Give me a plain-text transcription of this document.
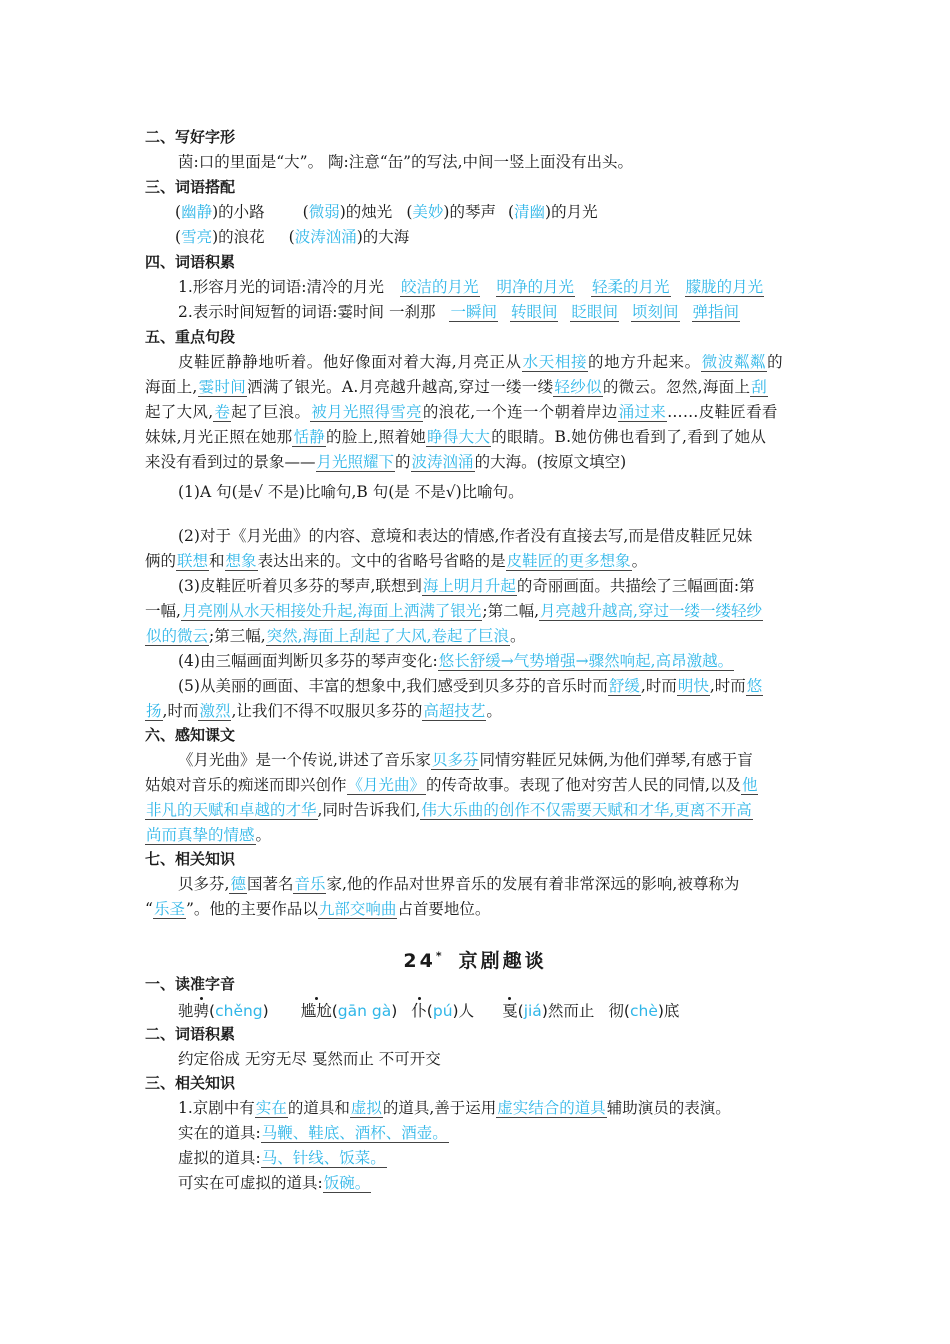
二、写好字形
茵:口的里面是“大”。 陶:注意“缶”的写法,中间一竖上面没有出头。
三、词语搭配
(幽静)的小路 (微弱)的烛光 (美妙)的琴声 (清幽)的月光
(雪亮)的浪花 (波涛汹涌)的大海
四、词语积累
1.形容月光的词语:清冷的月光 皎洁的月光 明净的月光 轻柔的月光 朦胧的月光
2.表示时间短暂的词语:霎时间 一刹那 一瞬间 转眼间 眨眼间 顷刻间 弹指间
五、重点句段
皮鞋匠静静地听着。他好像面对着大海,月亮正从水天相接的地方升起来。微波粼粼的
海面上,霎时间洒满了银光。A.月亮越升越高,穿过一缕一缕轻纱似的微云。忽然,海面上刮
起了大风,卷起了巨浪。被月光照得雪亮的浪花,一个连一个朝着岸边涌过来……皮鞋匠看看
妹妹,月光正照在她那恬静的脸上,照着她睁得大大的眼睛。B.她仿佛也看到了,看到了她从
来没有看到过的景象——月光照耀下的波涛汹涌的大海。(按原文填空)
(1)A 句(是√ 不是)比喻句,B 句(是 不是√)比喻句。
(2)对于《月光曲》的内容、意境和表达的情感,作者没有直接去写,而是借皮鞋匠兄妹
俩的联想和想象表达出来的。文中的省略号省略的是皮鞋匠的更多想象。
(3)皮鞋匠听着贝多芬的琴声,联想到海上明月升起的奇丽画面。共描绘了三幅画面:第
一幅,月亮刚从水天相接处升起,海面上洒满了银光;第二幅,月亮越升越高,穿过一缕一缕轻纱
似的微云;第三幅,突然,海面上刮起了大风,卷起了巨浪。
(4)由三幅画面判断贝多芬的琴声变化:悠长舒缓→气势增强→骤然响起,高昂激越。
(5)从美丽的画面、丰富的想象中,我们感受到贝多芬的音乐时而舒缓,时而明快,时而悠
扬,时而激烈,让我们不得不叹服贝多芬的高超技艺。
六、感知课文
《月光曲》是一个传说,讲述了音乐家贝多芬同情穷鞋匠兄妹俩,为他们弹琴,有感于盲
姑娘对音乐的痴迷而即兴创作《月光曲》的传奇故事。表现了他对穷苦人民的同情,以及他
非凡的天赋和卓越的才华,同时告诉我们,伟大乐曲的创作不仅需要天赋和才华,更离不开高
尚而真挚的情感。
七、相关知识
贝多芬,德国著名音乐家,他的作品对世界音乐的发展有着非常深远的影响,被尊称为
“乐圣”。他的主要作品以九部交响曲占首要地位。
24* 京剧趣谈
一、读准字音
驰骋(chěng) 尴尬(gān gà) 仆(pú)人 戛(jiá)然而止 彻(chè)底
二、词语积累
约定俗成 无穷无尽 戛然而止 不可开交
三、相关知识
1.京剧中有实在的道具和虚拟的道具,善于运用虚实结合的道具辅助演员的表演。
实在的道具:马鞭、鞋底、酒杯、酒壶。
虚拟的道具:马、针线、饭菜。
可实在可虚拟的道具:饭碗。
